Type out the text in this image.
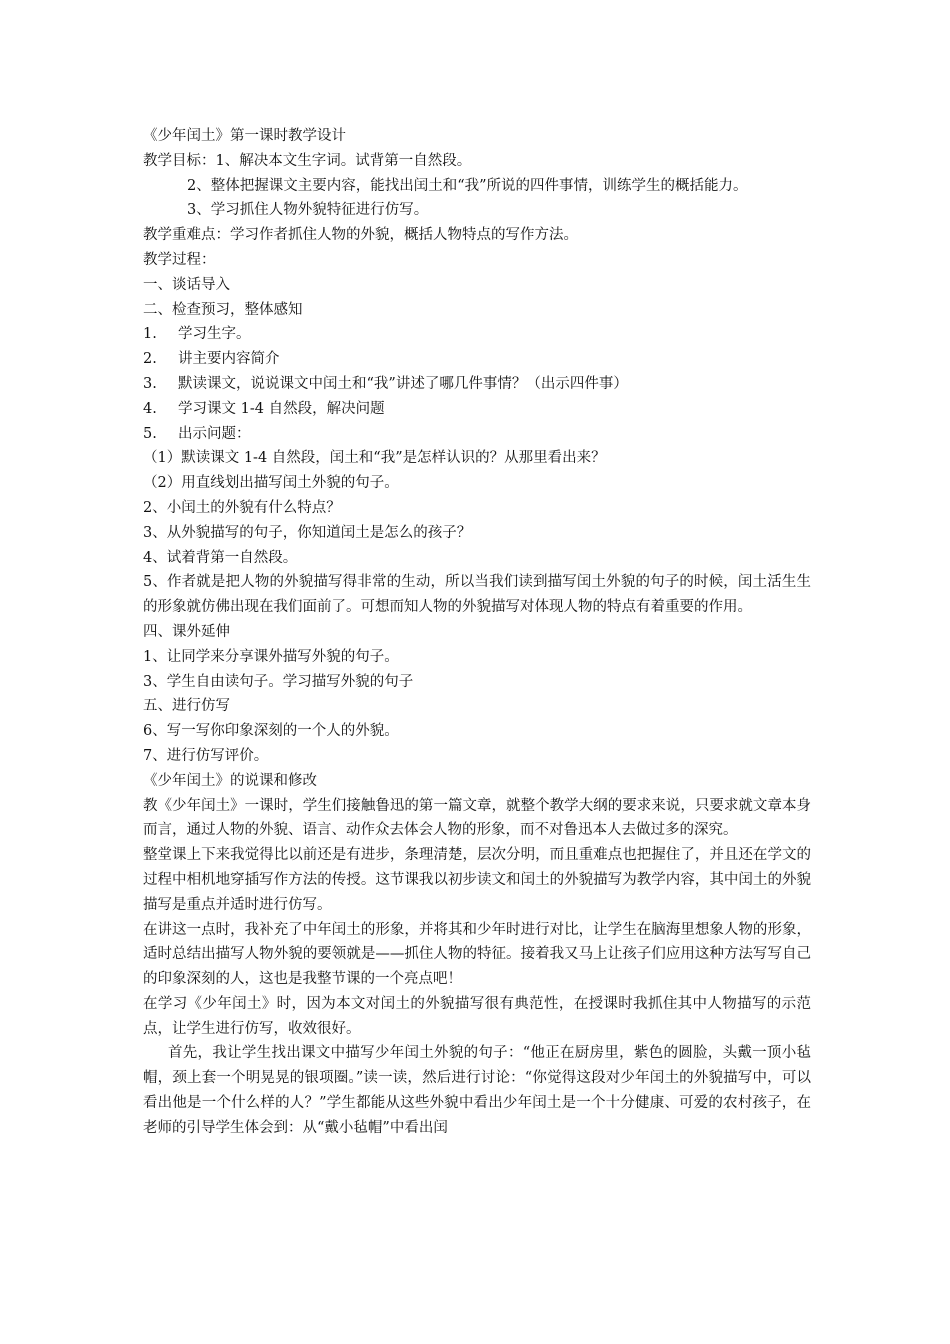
《少年闰土》第一课时教学设计

教学目标：1、解决本文生字词。试背第一自然段。

2、整体把握课文主要内容，能找出闰土和“我”所说的四件事情，训练学生的概括能力。

3、学习抓住人物外貌特征进行仿写。

教学重难点：学习作者抓住人物的外貌，概括人物特点的写作方法。

教学过程：

一、谈话导入

二、检查预习，整体感知

1.	学习生字。
2.	讲主要内容简介
3.	默读课文，说说课文中闰土和“我”讲述了哪几件事情？（出示四件事）
4.	学习课文 1-4 自然段，解决问题
5.	出示问题：

（1）默读课文 1-4 自然段，闰土和“我”是怎样认识的？从那里看出来？

（2）用直线划出描写闰土外貌的句子。

2、小闰土的外貌有什么特点？

3、从外貌描写的句子，你知道闰土是怎么的孩子？

4、试着背第一自然段。

5、作者就是把人物的外貌描写得非常的生动，所以当我们读到描写闰土外貌的句子的时候，闰土活生生的形象就仿佛出现在我们面前了。可想而知人物的外貌描写对体现人物的特点有着重要的作用。

四、课外延伸

1、让同学来分享课外描写外貌的句子。

3、学生自由读句子。学习描写外貌的句子

五、进行仿写

6、写一写你印象深刻的一个人的外貌。

7、进行仿写评价。

《少年闰土》的说课和修改

教《少年闰土》一课时，学生们接触鲁迅的第一篇文章，就整个教学大纲的要求来说，只要求就文章本身而言，通过人物的外貌、语言、动作众去体会人物的形象，而不对鲁迅本人去做过多的深究。

整堂课上下来我觉得比以前还是有进步，条理清楚，层次分明，而且重难点也把握住了，并且还在学文的过程中相机地穿插写作方法的传授。这节课我以初步读文和闰土的外貌描写为教学内容，其中闰土的外貌描写是重点并适时进行仿写。

在讲这一点时，我补充了中年闰土的形象，并将其和少年时进行对比，让学生在脑海里想象人物的形象，适时总结出描写人物外貌的要领就是——抓住人物的特征。接着我又马上让孩子们应用这种方法写写自己的印象深刻的人，这也是我整节课的一个亮点吧！

在学习《少年闰土》时，因为本文对闰土的外貌描写很有典范性，在授课时我抓住其中人物描写的示范点，让学生进行仿写，收效很好。

首先，我让学生找出课文中描写少年闰土外貌的句子：“他正在厨房里，紫色的圆脸，头戴一顶小毡帽，颈上套一个明晃晃的银项圈。”读一读，然后进行讨论：“你觉得这段对少年闰土的外貌描写中，可以看出他是一个什么样的人？”学生都能从这些外貌中看出少年闰土是一个十分健康、可爱的农村孩子，在老师的引导学生体会到：从“戴小毡帽”中看出闰
